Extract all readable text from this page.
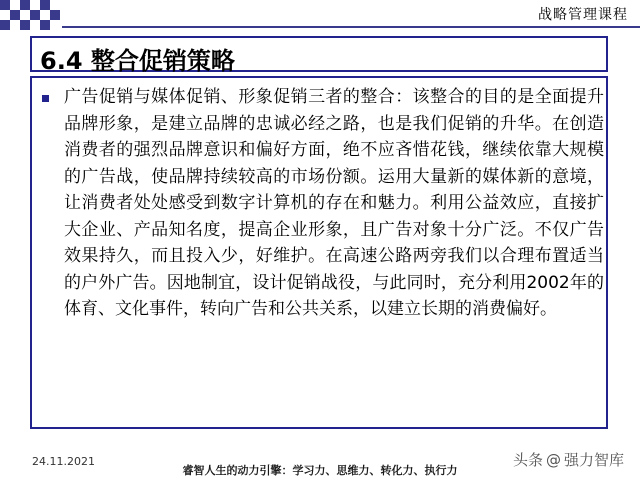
战略管理课程
6.4 整合促销策略
广告促销与媒体促销、形象促销三者的整合：该整合的目的是全面提升品牌形象，是建立品牌的忠诚必经之路，也是我们促销的升华。在创造消费者的强烈品牌意识和偏好方面，绝不应吝惜花钱，继续依靠大规模的广告战，使品牌持续较高的市场份额。运用大量新的媒体新的意境，让消费者处处感受到数字计算机的存在和魅力。利用公益效应，直接扩大企业、产品知名度，提高企业形象，且广告对象十分广泛。不仅广告效果持久，而且投入少，好维护。在高速公路两旁我们以合理布置适当的户外广告。因地制宜，设计促销战役，与此同时，充分利用2002年的体育、文化事件，转向广告和公共关系，以建立长期的消费偏好。
24.11.2021
睿智人生的动力引擎：学习力、思维力、转化力、执行力
头条 @ 强力智库
